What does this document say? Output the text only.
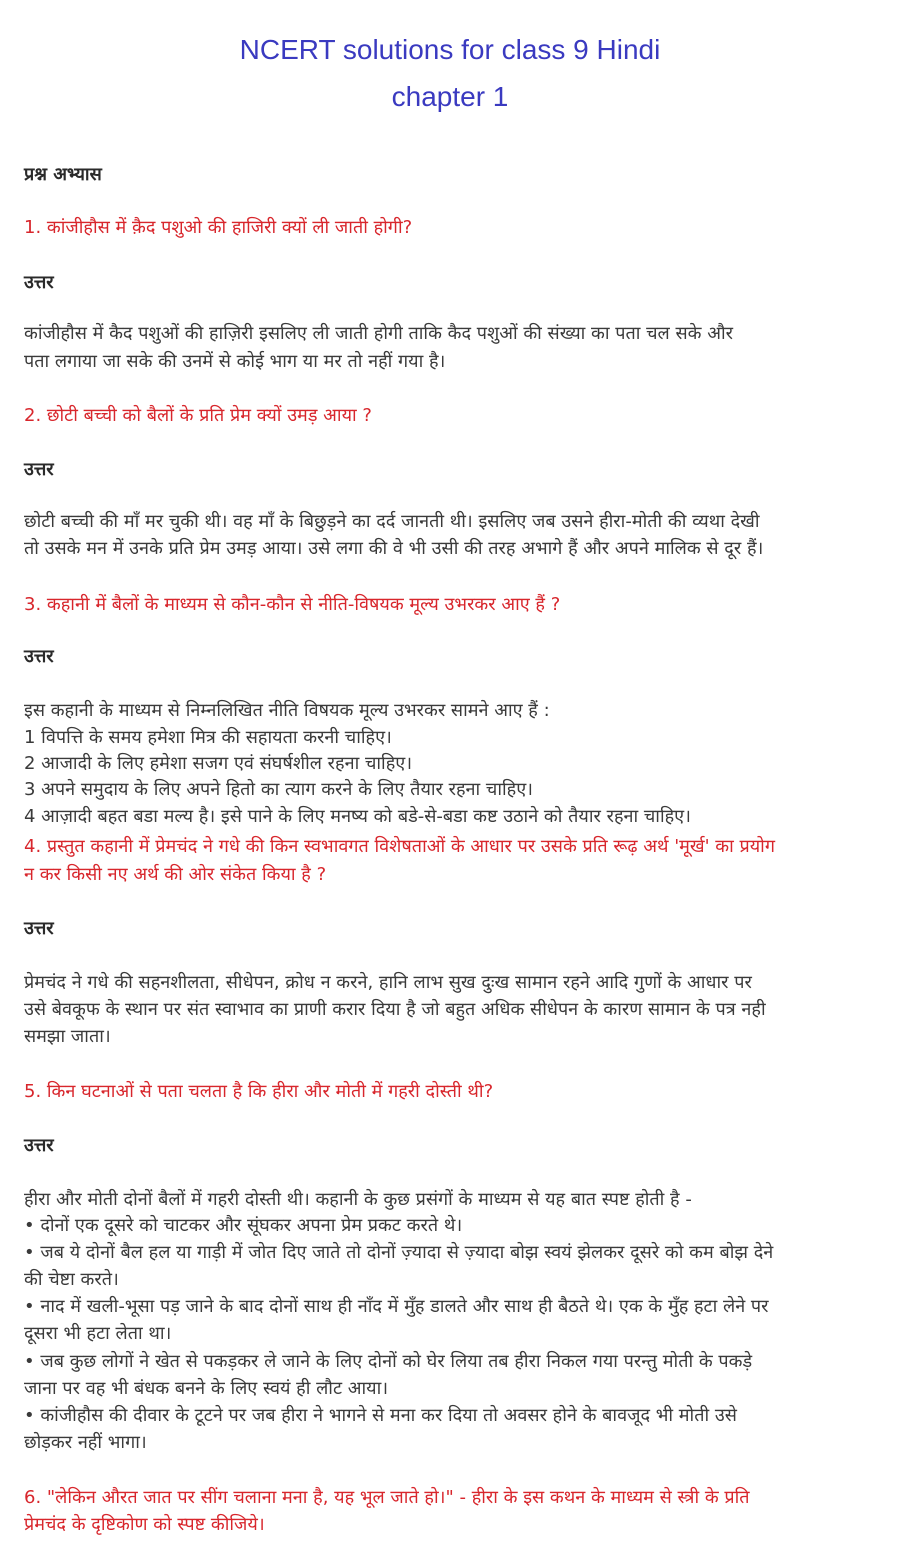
NCERT solutions for class 9 Hindi
chapter 1
प्रश्न अभ्यास
1. कांजीहौस में क़ैद पशुओ की हाजिरी क्यों ली जाती होगी?
उत्तर
कांजीहौस में कैद पशुओं की हाज़िरी इसलिए ली जाती होगी ताकि कैद पशुओं की संख्या का पता चल सके और
पता लगाया जा सके की उनमें से कोई भाग या मर तो नहीं गया है।
2. छोटी बच्ची को बैलों के प्रति प्रेम क्यों उमड़ आया ?
उत्तर
छोटी बच्ची की माँ मर चुकी थी। वह माँ के बिछुड़ने का दर्द जानती थी। इसलिए जब उसने हीरा-मोती की व्यथा देखी
तो उसके मन में उनके प्रति प्रेम उमड़ आया। उसे लगा की वे भी उसी की तरह अभागे हैं और अपने मालिक से दूर हैं।
3. कहानी में बैलों के माध्यम से कौन-कौन से नीति-विषयक मूल्य उभरकर आए हैं ?
उत्तर
इस कहानी के माध्यम से निम्नलिखित नीति विषयक मूल्य उभरकर सामने आए हैं :
1 विपत्ति के समय हमेशा मित्र की सहायता करनी चाहिए।
2 आजादी के लिए हमेशा सजग एवं संघर्षशील रहना चाहिए।
3 अपने समुदाय के लिए अपने हितो का त्याग करने के लिए तैयार रहना चाहिए।
4 आज़ादी बहत बडा मल्य है। इसे पाने के लिए मनष्य को बडे-से-बडा कष्ट उठाने को तैयार रहना चाहिए।
4. प्रस्तुत कहानी में प्रेमचंद ने गधे की किन स्वभावगत विशेषताओं के आधार पर उसके प्रति रूढ़ अर्थ 'मूर्ख' का प्रयोग
न कर किसी नए अर्थ की ओर संकेत किया है ?
उत्तर
प्रेमचंद ने गधे की सहनशीलता, सीधेपन, क्रोध न करने, हानि लाभ सुख दुःख सामान रहने आदि गुणों के आधार पर
उसे बेवकूफ के स्थान पर संत स्वाभाव का प्राणी करार दिया है जो बहुत अधिक सीधेपन के कारण सामान के पत्र नही
समझा जाता।
5. किन घटनाओं से पता चलता है कि हीरा और मोती में गहरी दोस्ती थी?
उत्तर
हीरा और मोती दोनों बैलों में गहरी दोस्ती थी। कहानी के कुछ प्रसंगों के माध्यम से यह बात स्पष्ट होती है -
• दोनों एक दूसरे को चाटकर और सूंघकर अपना प्रेम प्रकट करते थे।
• जब ये दोनों बैल हल या गाड़ी में जोत दिए जाते तो दोनों ज़्यादा से ज़्यादा बोझ स्वयं झेलकर दूसरे को कम बोझ देने
की चेष्टा करते।
• नाद में खली-भूसा पड़ जाने के बाद दोनों साथ ही नाँद में मुँह डालते और साथ ही बैठते थे। एक के मुँह हटा लेने पर
दूसरा भी हटा लेता था।
• जब कुछ लोगों ने खेत से पकड़कर ले जाने के लिए दोनों को घेर लिया तब हीरा निकल गया परन्तु मोती के पकड़े
जाना पर वह भी बंधक बनने के लिए स्वयं ही लौट आया।
• कांजीहौस की दीवार के टूटने पर जब हीरा ने भागने से मना कर दिया तो अवसर होने के बावजूद भी मोती उसे
छोड़कर नहीं भागा।
6. "लेकिन औरत जात पर सींग चलाना मना है, यह भूल जाते हो।" - हीरा के इस कथन के माध्यम से स्त्री के प्रति
प्रेमचंद के दृष्टिकोण को स्पष्ट कीजिये।
